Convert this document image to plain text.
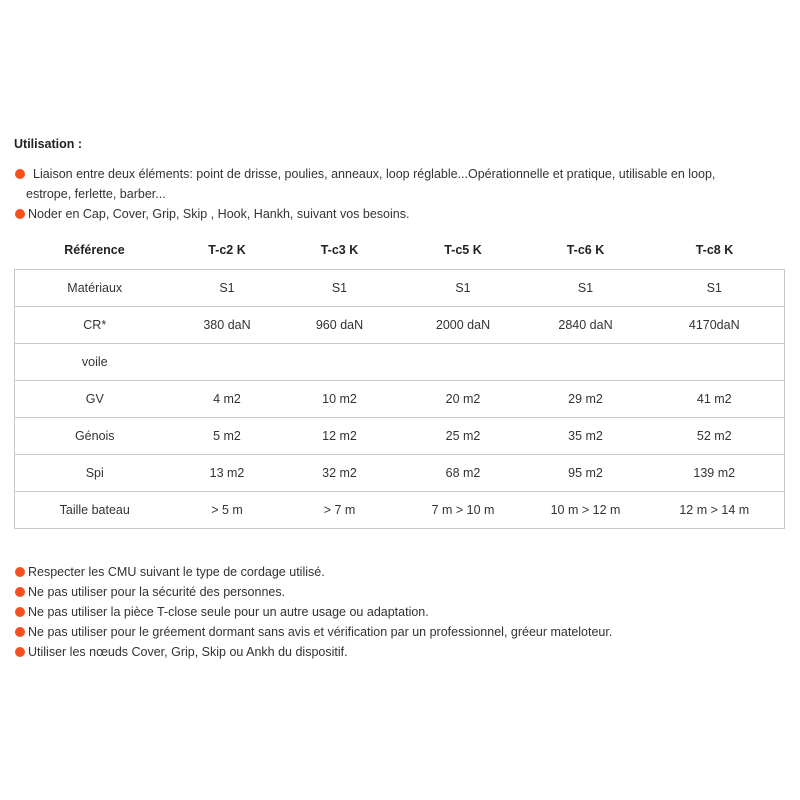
Utilisation :
Liaison entre deux éléments: point de drisse, poulies, anneaux, loop réglable...Opérationnelle et pratique, utilisable en loop,
estrope, ferlette, barber...
Noder en Cap, Cover, Grip, Skip , Hook, Hankh, suivant vos besoins.
Référence	T-c2 K	T-c3 K	T-c5 K	T-c6 K	T-c8 K
Matériaux	S1	S1	S1	S1	S1
CR*	380 daN	960 daN	2000 daN	2840 daN	4170daN
voile					
GV	4 m2	10 m2	20 m2	29 m2	41 m2
Génois	5 m2	12 m2	25 m2	35 m2	52 m2
Spi	13 m2	32 m2	68 m2	95 m2	139 m2
Taille bateau	> 5 m	> 7 m	7 m > 10 m	10 m > 12 m	12 m > 14 m
Respecter les CMU suivant le type de cordage utilisé.
Ne pas utiliser pour la sécurité des personnes.
Ne pas utiliser la pièce T-close seule pour un autre usage ou adaptation.
Ne pas utiliser pour le gréement dormant sans avis et vérification par un professionnel, gréeur mateloteur.
Utiliser les nœuds Cover, Grip, Skip ou Ankh du dispositif.
